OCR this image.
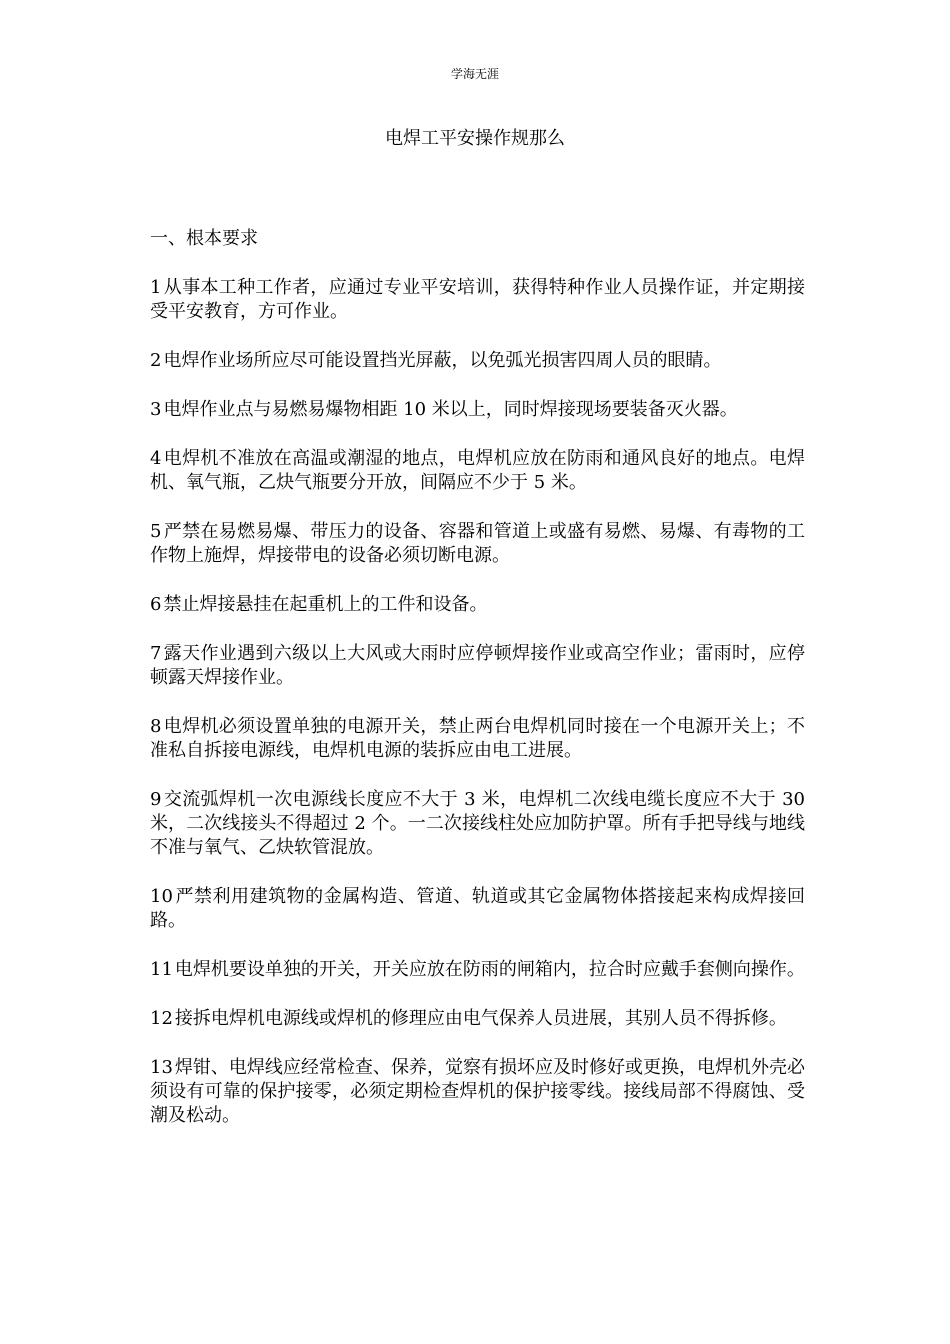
学海无涯
电焊工平安操作规那么
一、根本要求

1 从事本工种工作者，应通过专业平安培训，获得特种作业人员操作证，并定期接受平安教育，方可作业。

2 电焊作业场所应尽可能设置挡光屏蔽，以免弧光损害四周人员的眼睛。

3 电焊作业点与易燃易爆物相距 10 米以上，同时焊接现场要装备灭火器。

4 电焊机不准放在高温或潮湿的地点，电焊机应放在防雨和通风良好的地点。电焊机、氧气瓶，乙炔气瓶要分开放，间隔应不少于 5 米。

5 严禁在易燃易爆、带压力的设备、容器和管道上或盛有易燃、易爆、有毒物的工作物上施焊，焊接带电的设备必须切断电源。

6 禁止焊接悬挂在起重机上的工件和设备。

7 露天作业遇到六级以上大风或大雨时应停顿焊接作业或高空作业；雷雨时，应停顿露天焊接作业。

8 电焊机必须设置单独的电源开关，禁止两台电焊机同时接在一个电源开关上；不准私自拆接电源线，电焊机电源的装拆应由电工进展。

9 交流弧焊机一次电源线长度应不大于 3 米，电焊机二次线电缆长度应不大于 30 米，二次线接头不得超过 2 个。一二次接线柱处应加防护罩。所有手把导线与地线不准与氧气、乙炔软管混放。

10 严禁利用建筑物的金属构造、管道、轨道或其它金属物体搭接起来构成焊接回路。

11 电焊机要设单独的开关，开关应放在防雨的闸箱内，拉合时应戴手套侧向操作。

12 接拆电焊机电源线或焊机的修理应由电气保养人员进展，其别人员不得拆修。

13 焊钳、电焊线应经常检查、保养，觉察有损坏应及时修好或更换，电焊机外壳必须设有可靠的保护接零，必须定期检查焊机的保护接零线。接线局部不得腐蚀、受潮及松动。
